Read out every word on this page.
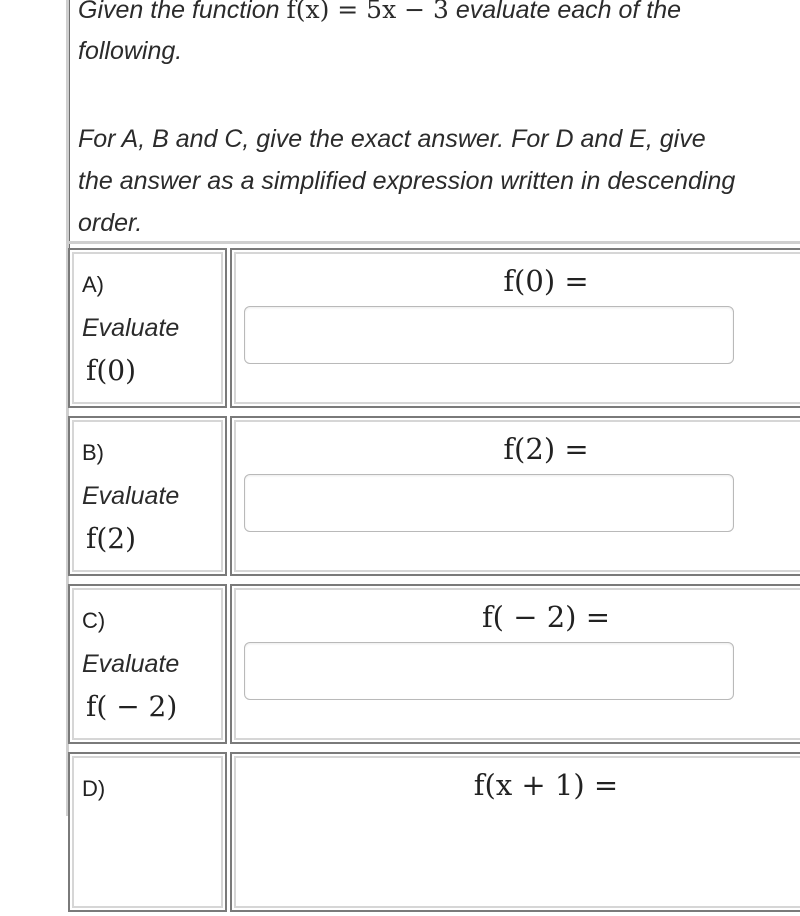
Given the function f(x) = 5x − 3 evaluate each of the following.

For A, B and C, give the exact answer. For D and E, give the answer as a simplified expression written in descending order.

A)
Evaluate
f(0)
f(0) =
B)
Evaluate
f(2)
f(2) =
C)
Evaluate
f( − 2)
f( − 2) =
D)	f(x + 1) =
